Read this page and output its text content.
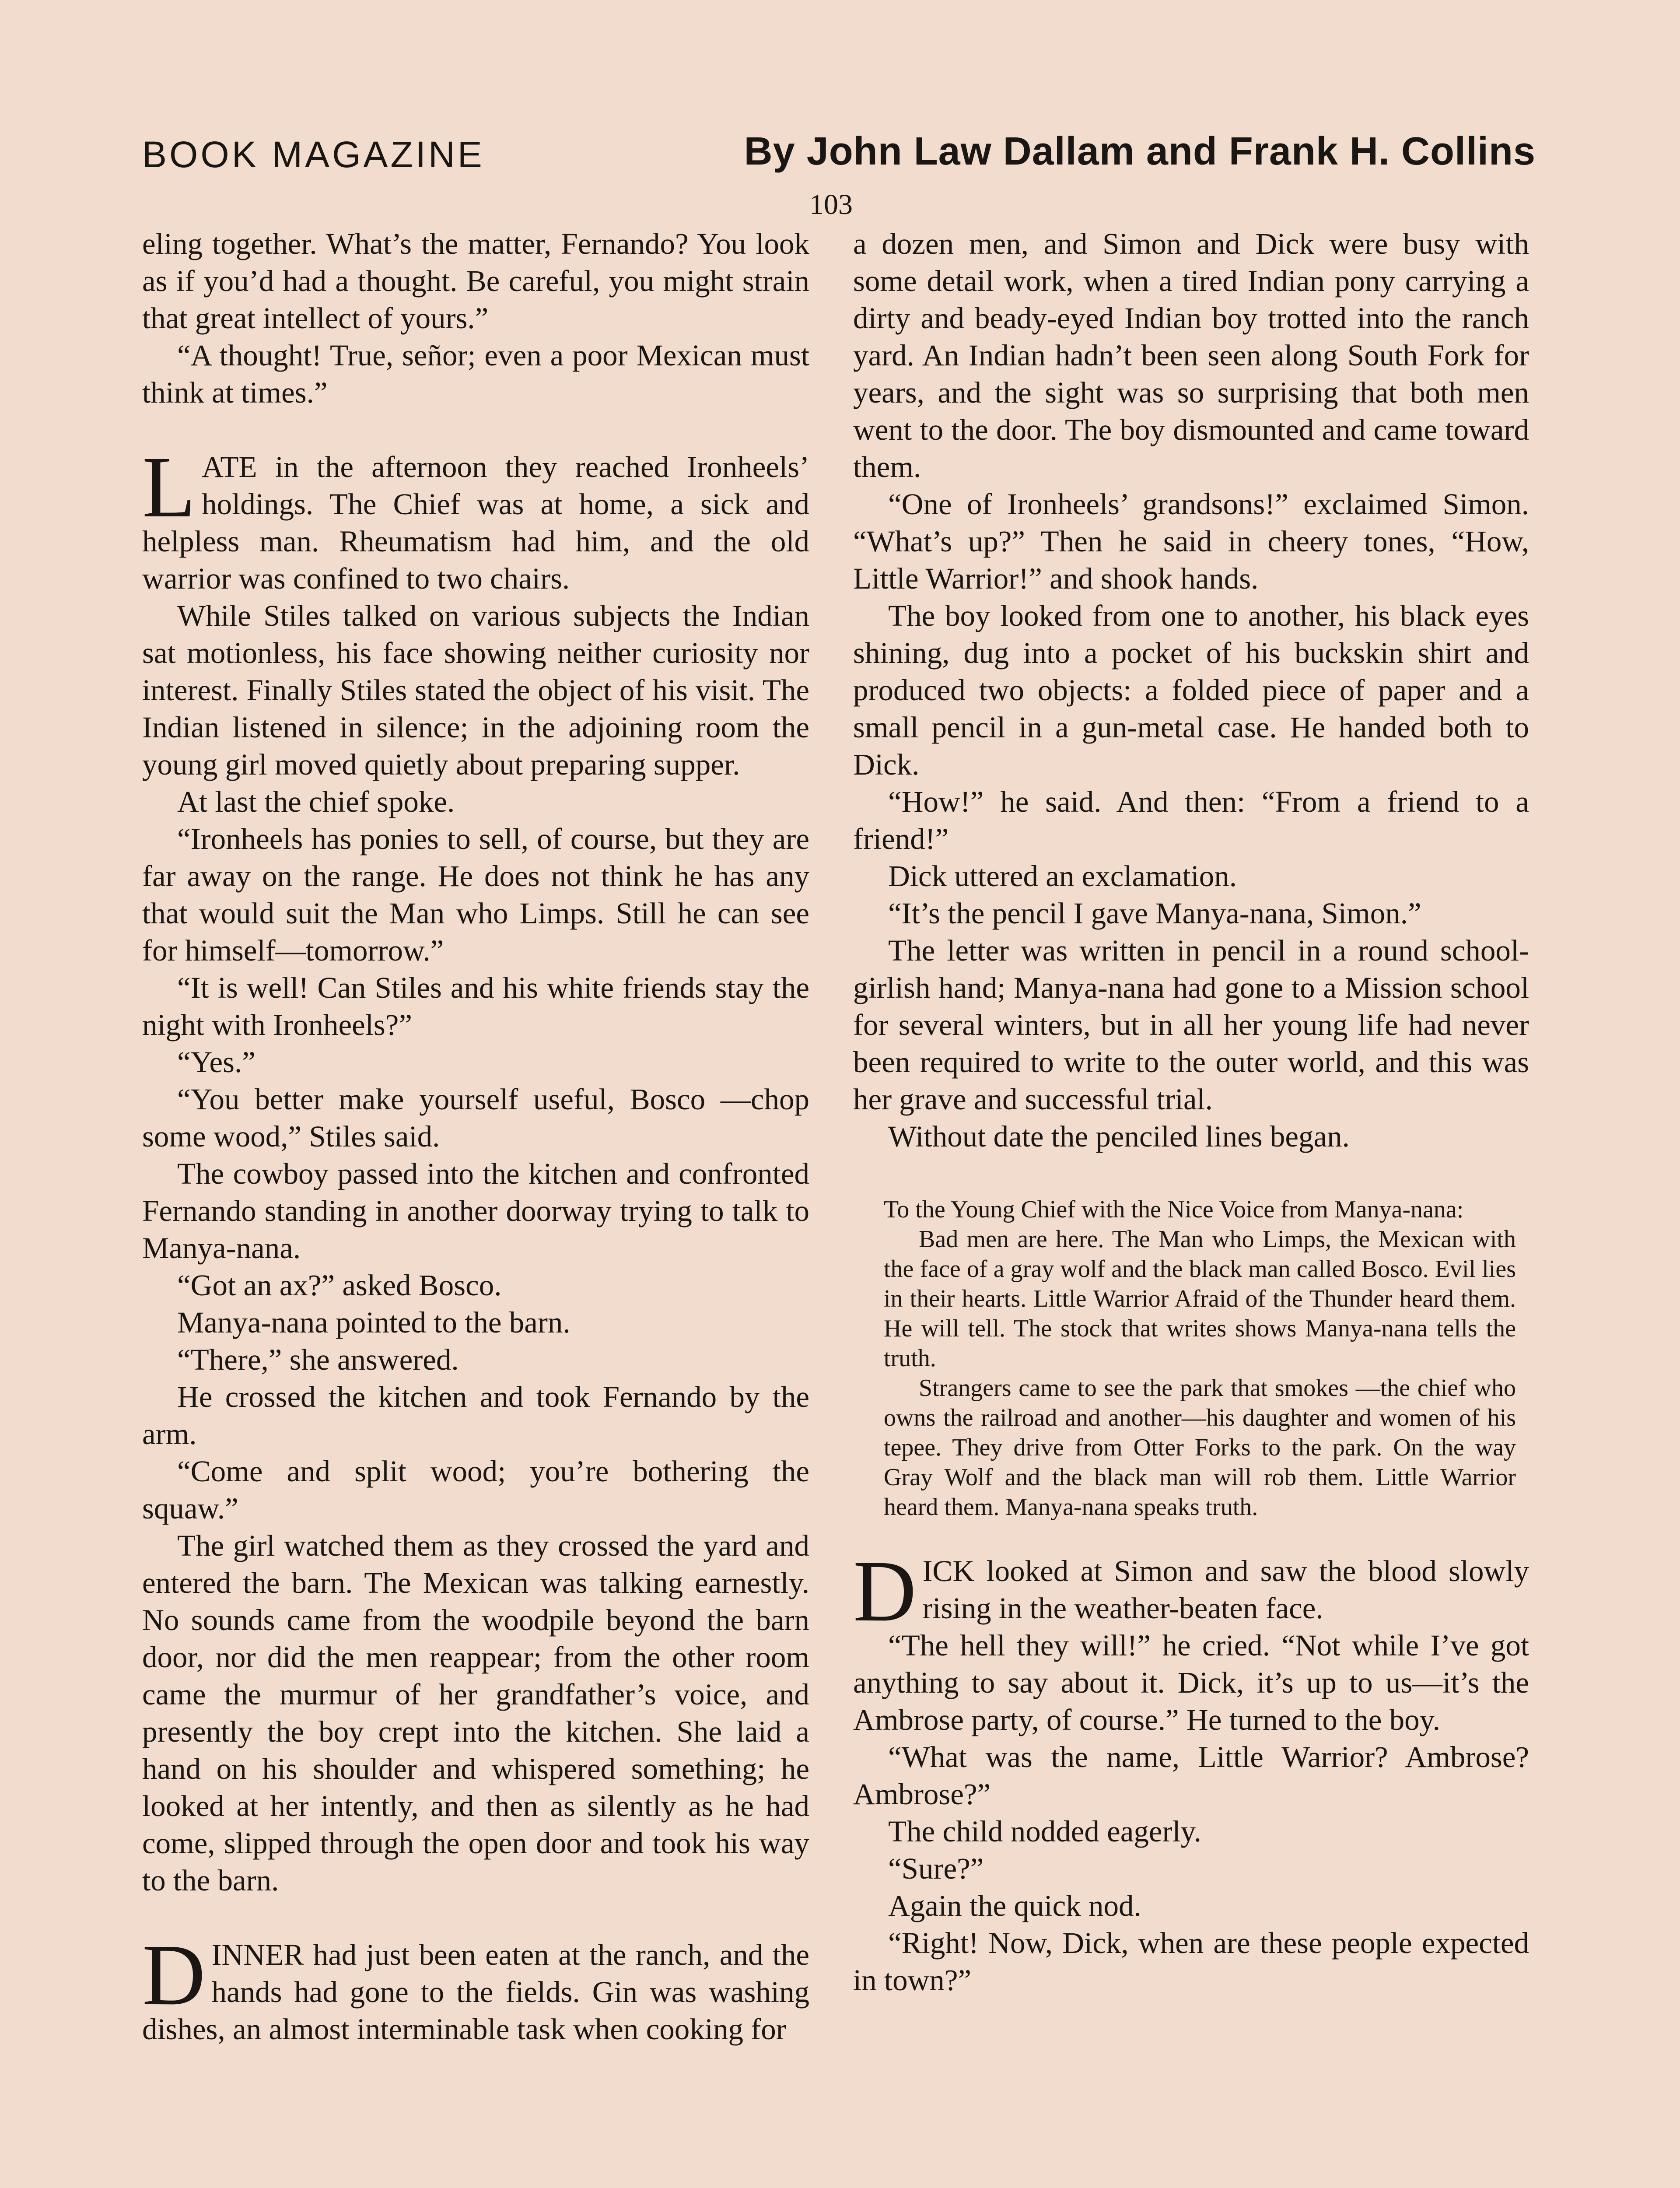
BOOK MAGAZINE	By John Law Dallam and Frank H. Collins
103

eling together. What’s the matter, Fernando? You look as if you’d had a thought. Be careful, you might strain that great intellect of yours.”

“A thought! True, señor; even a poor Mexican must think at times.”

LATE in the afternoon they reached Ironheels’ holdings. The Chief was at home, a sick and helpless man. Rheumatism had him, and the old warrior was confined to two chairs.

While Stiles talked on various subjects the Indian sat motionless, his face showing neither curiosity nor interest. Finally Stiles stated the object of his visit. The Indian listened in silence; in the adjoining room the young girl moved quietly about preparing supper.

At last the chief spoke.

“Ironheels has ponies to sell, of course, but they are far away on the range. He does not think he has any that would suit the Man who Limps. Still he can see for himself—tomorrow.”

“It is well! Can Stiles and his white friends stay the night with Ironheels?”

“Yes.”

“You better make yourself useful, Bosco —chop some wood,” Stiles said.

The cowboy passed into the kitchen and confronted Fernando standing in another doorway trying to talk to Manya-nana.

“Got an ax?” asked Bosco.

Manya-nana pointed to the barn.

“There,” she answered.

He crossed the kitchen and took Fernando by the arm.

“Come and split wood; you’re bothering the squaw.”

The girl watched them as they crossed the yard and entered the barn. The Mexican was talking earnestly. No sounds came from the woodpile beyond the barn door, nor did the men reappear; from the other room came the murmur of her grandfather’s voice, and presently the boy crept into the kitchen. She laid a hand on his shoulder and whispered something; he looked at her intently, and then as silently as he had come, slipped through the open door and took his way to the barn.

DINNER had just been eaten at the ranch, and the hands had gone to the fields. Gin was washing dishes, an almost interminable task when cooking for

a dozen men, and Simon and Dick were busy with some detail work, when a tired Indian pony carrying a dirty and beady-eyed Indian boy trotted into the ranch yard. An Indian hadn’t been seen along South Fork for years, and the sight was so surprising that both men went to the door. The boy dismounted and came toward them.

“One of Ironheels’ grandsons!” exclaimed Simon. “What’s up?” Then he said in cheery tones, “How, Little Warrior!” and shook hands.

The boy looked from one to another, his black eyes shining, dug into a pocket of his buckskin shirt and produced two objects: a folded piece of paper and a small pencil in a gun-metal case. He handed both to Dick.

“How!” he said. And then: “From a friend to a friend!”

Dick uttered an exclamation.

“It’s the pencil I gave Manya-nana, Simon.”

The letter was written in pencil in a round school-girlish hand; Manya-nana had gone to a Mission school for several winters, but in all her young life had never been required to write to the outer world, and this was her grave and successful trial.

Without date the penciled lines began.

To the Young Chief with the Nice Voice from Manya-nana:

Bad men are here. The Man who Limps, the Mexican with the face of a gray wolf and the black man called Bosco. Evil lies in their hearts. Little Warrior Afraid of the Thunder heard them. He will tell. The stock that writes shows Manya-nana tells the truth.

Strangers came to see the park that smokes —the chief who owns the railroad and another—his daughter and women of his tepee. They drive from Otter Forks to the park. On the way Gray Wolf and the black man will rob them. Little Warrior heard them. Manya-nana speaks truth.

DICK looked at Simon and saw the blood slowly rising in the weather-beaten face.

“The hell they will!” he cried. “Not while I’ve got anything to say about it. Dick, it’s up to us—it’s the Ambrose party, of course.” He turned to the boy.

“What was the name, Little Warrior? Ambrose? Ambrose?”

The child nodded eagerly.

“Sure?”

Again the quick nod.

“Right! Now, Dick, when are these people expected in town?”
